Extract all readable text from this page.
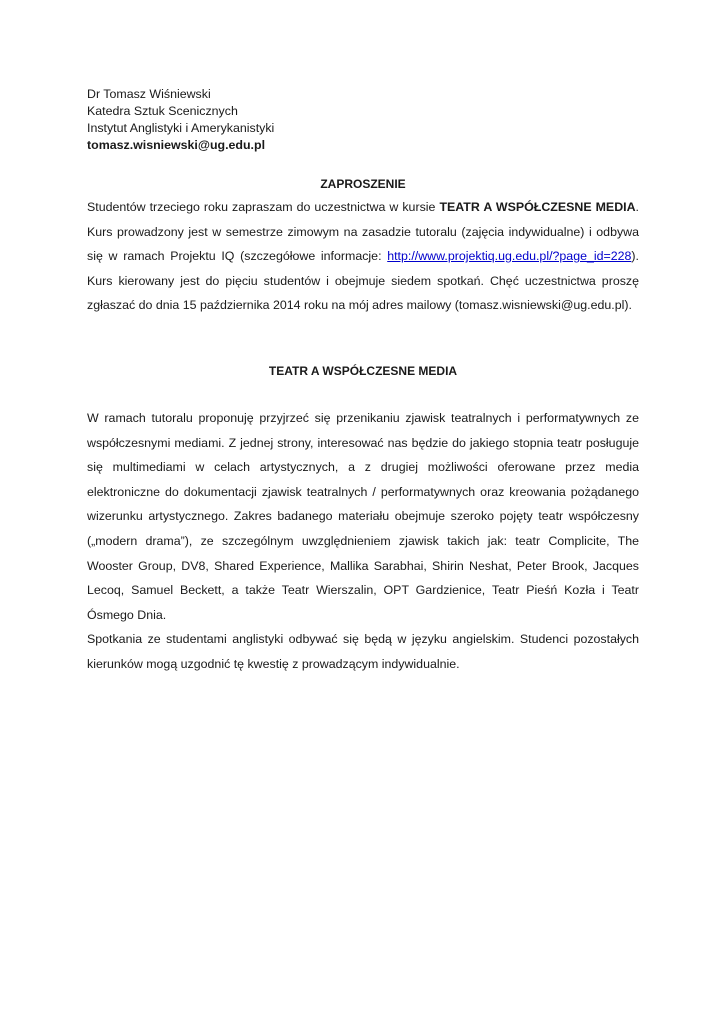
Dr Tomasz Wiśniewski
Katedra Sztuk Scenicznych
Instytut Anglistyki i Amerykanistyki
tomasz.wisniewski@ug.edu.pl
ZAPROSZENIE

Studentów trzeciego roku zapraszam do uczestnictwa w kursie TEATR A WSPÓŁCZESNE MEDIA. Kurs prowadzony jest w semestrze zimowym na zasadzie tutoralu (zajęcia indywidualne) i odbywa się w ramach Projektu IQ (szczegółowe informacje: http://www.projektiq.ug.edu.pl/?page_id=228). Kurs kierowany jest do pięciu studentów i obejmuje siedem spotkań. Chęć uczestnictwa proszę zgłaszać do dnia 15 października 2014 roku na mój adres mailowy (tomasz.wisniewski@ug.edu.pl).

TEATR A WSPÓŁCZESNE MEDIA

W ramach tutoralu proponuję przyjrzeć się przenikaniu zjawisk teatralnych i performatywnych ze współczesnymi mediami. Z jednej strony, interesować nas będzie do jakiego stopnia teatr posługuje się multimediami w celach artystycznych, a z drugiej możliwości oferowane przez media elektroniczne do dokumentacji zjawisk teatralnych / performatywnych oraz kreowania pożądanego wizerunku artystycznego. Zakres badanego materiału obejmuje szeroko pojęty teatr współczesny („modern drama”), ze szczególnym uwzględnieniem zjawisk takich jak: teatr Complicite, The Wooster Group, DV8, Shared Experience, Mallika Sarabhai, Shirin Neshat, Peter Brook, Jacques Lecoq, Samuel Beckett, a także Teatr Wierszalin, OPT Gardzienice, Teatr Pieśń Kozła i Teatr Ósmego Dnia.

Spotkania ze studentami anglistyki odbywać się będą w języku angielskim. Studenci pozostałych kierunków mogą uzgodnić tę kwestię z prowadzącym indywidualnie.
